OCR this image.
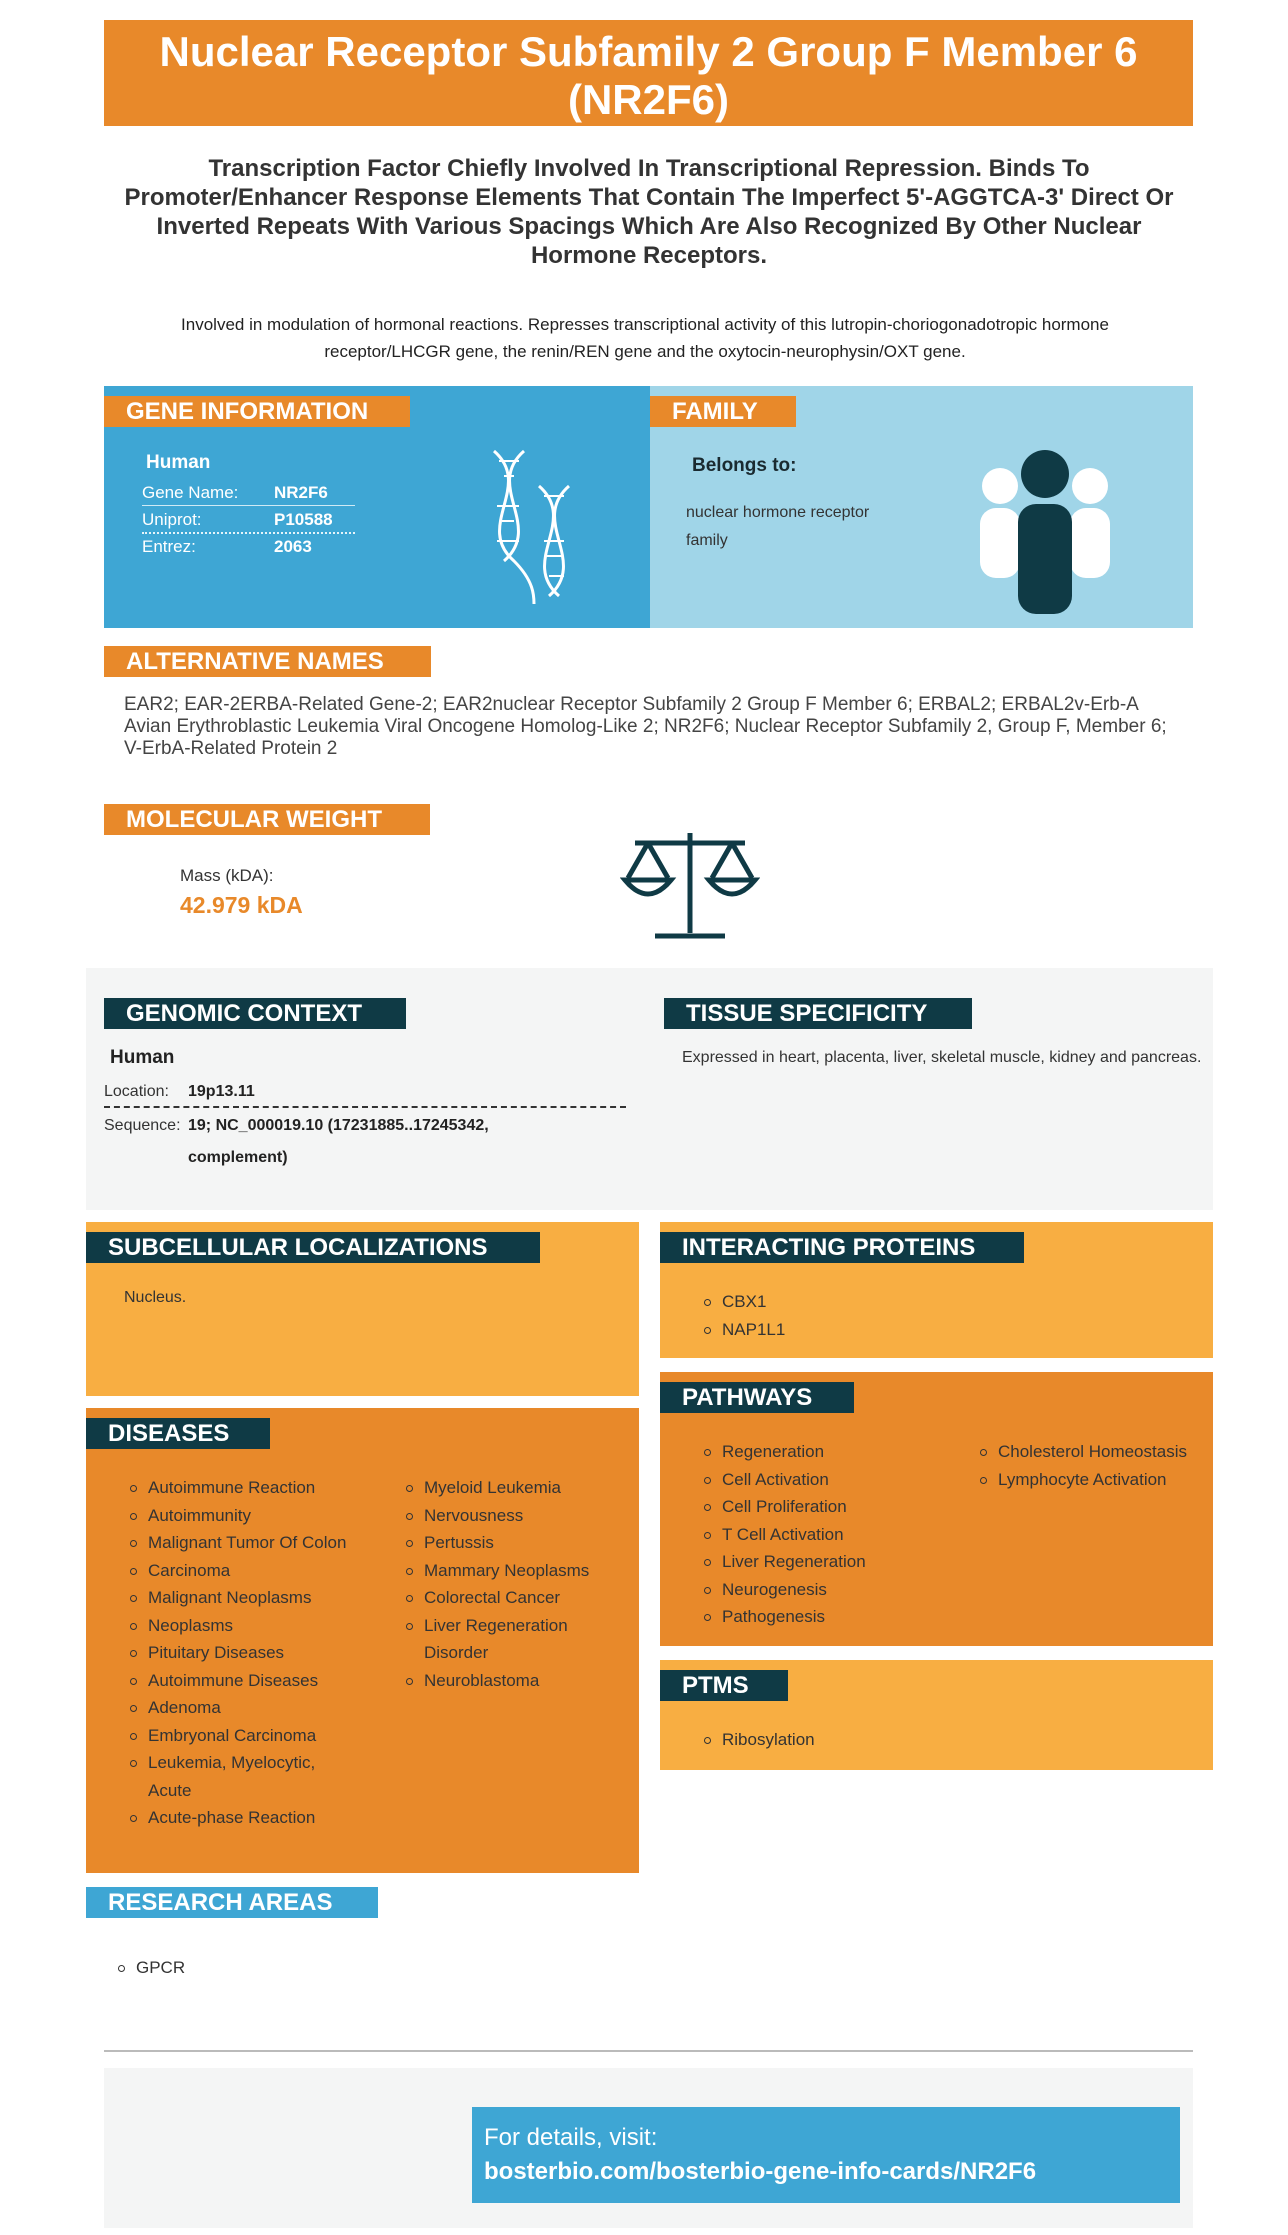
Nuclear Receptor Subfamily 2 Group F Member 6 (NR2F6)
Transcription Factor Chiefly Involved In Transcriptional Repression. Binds To Promoter/Enhancer Response Elements That Contain The Imperfect 5'-AGGTCA-3' Direct Or Inverted Repeats With Various Spacings Which Are Also Recognized By Other Nuclear Hormone Receptors.
Involved in modulation of hormonal reactions. Represses transcriptional activity of this lutropin-choriogonadotropic hormone receptor/LHCGR gene, the renin/REN gene and the oxytocin-neurophysin/OXT gene.
GENE INFORMATION
Human
Gene Name: NR2F6
Uniprot:	P10588
Entrez:	2063
FAMILY
Belongs to:
nuclear hormone receptor family
ALTERNATIVE NAMES
EAR2; EAR-2ERBA-Related Gene-2; EAR2nuclear Receptor Subfamily 2 Group F Member 6; ERBAL2; ERBAL2v-Erb-A Avian Erythroblastic Leukemia Viral Oncogene Homolog-Like 2; NR2F6; Nuclear Receptor Subfamily 2, Group F, Member 6; V-ErbA-Related Protein 2
MOLECULAR WEIGHT
Mass (kDA):
42.979 kDA
GENOMIC CONTEXT
Human
Location: 19p13.11
Sequence: 19; NC_000019.10 (17231885..17245342,
complement)
TISSUE SPECIFICITY
Expressed in heart, placenta, liver, skeletal muscle, kidney and pancreas.
SUBCELLULAR LOCALIZATIONS
Nucleus.
INTERACTING PROTEINS
CBX1
NAP1L1
DISEASES
Autoimmune Reaction
Autoimmunity
Malignant Tumor Of Colon
Carcinoma
Malignant Neoplasms
Neoplasms
Pituitary Diseases
Autoimmune Diseases
Adenoma
Embryonal Carcinoma
Leukemia, Myelocytic, Acute
Acute-phase Reaction
Myeloid Leukemia
Nervousness
Pertussis
Mammary Neoplasms
Colorectal Cancer
Liver Regeneration Disorder
Neuroblastoma
PATHWAYS
Regeneration
Cell Activation
Cell Proliferation
T Cell Activation
Liver Regeneration
Neurogenesis
Pathogenesis
Cholesterol Homeostasis
Lymphocyte Activation
PTMS
Ribosylation
RESEARCH AREAS
GPCR
For details, visit:
bosterbio.com/bosterbio-gene-info-cards/NR2F6
